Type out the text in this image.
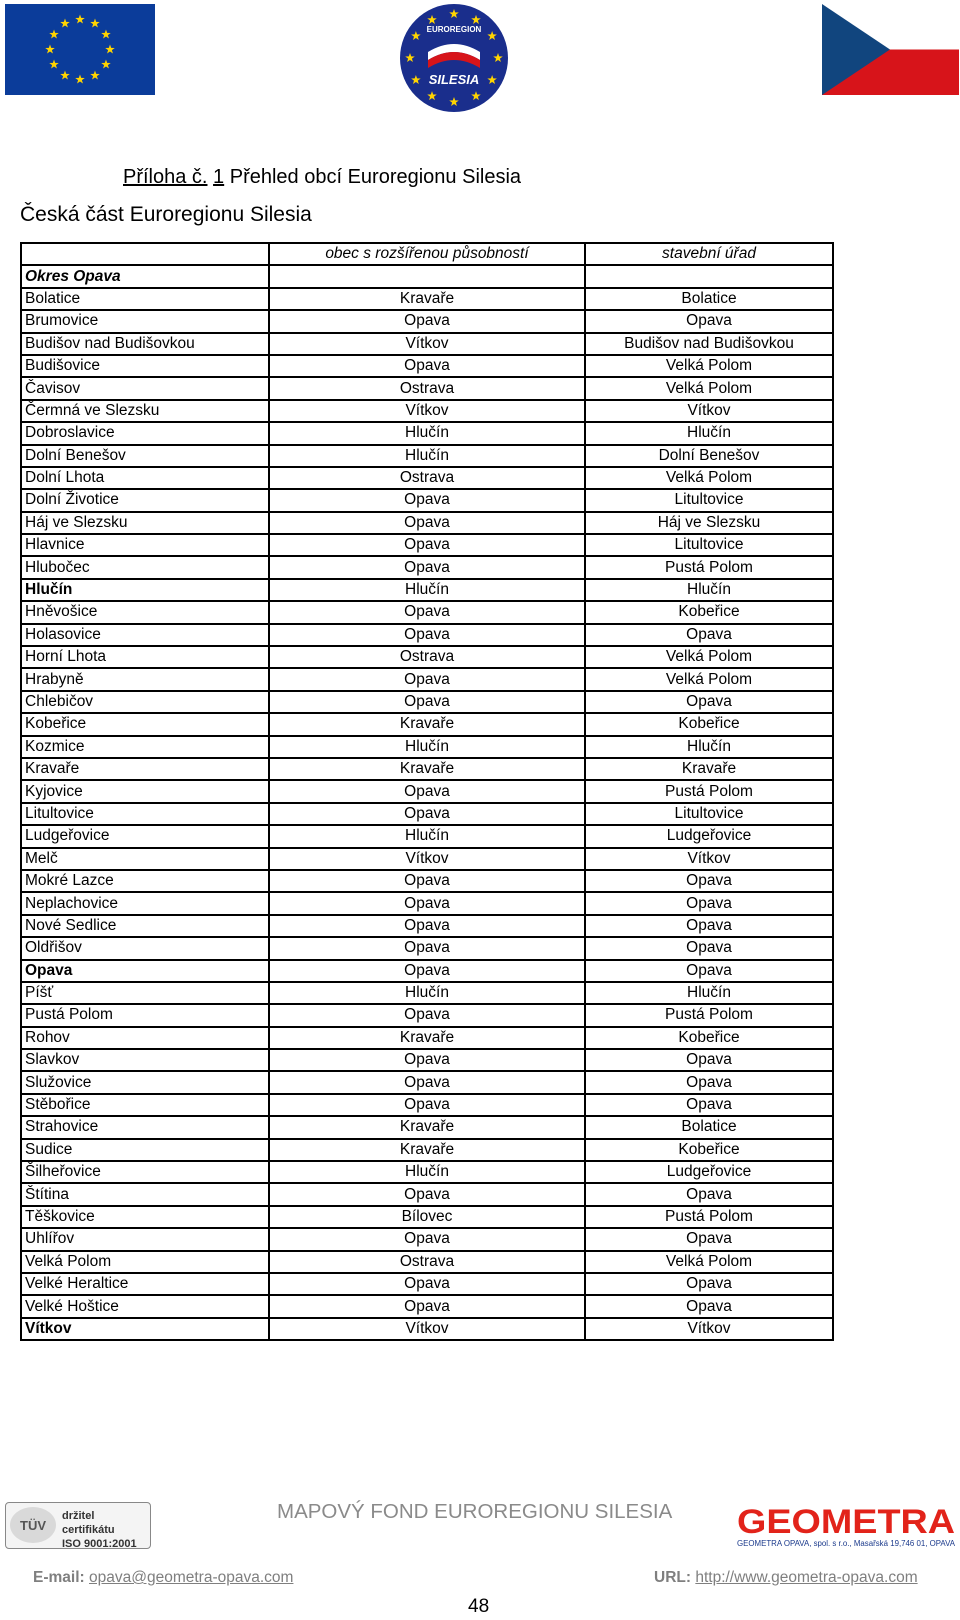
EUROREGION
SILESIA
Příloha č. 1 Přehled obcí Euroregionu Silesia
Česká část Euroregionu Silesia
	obec s rozšířenou působností	stavební úřad
Okres Opava		
Bolatice	Kravaře	Bolatice
Brumovice	Opava	Opava
Budišov nad Budišovkou	Vítkov	Budišov nad Budišovkou
Budišovice	Opava	Velká Polom
Čavisov	Ostrava	Velká Polom
Čermná ve Slezsku	Vítkov	Vítkov
Dobroslavice	Hlučín	Hlučín
Dolní Benešov	Hlučín	Dolní Benešov
Dolní Lhota	Ostrava	Velká Polom
Dolní Životice	Opava	Litultovice
Háj ve Slezsku	Opava	Háj ve Slezsku
Hlavnice	Opava	Litultovice
Hlubočec	Opava	Pustá Polom
Hlučín	Hlučín	Hlučín
Hněvošice	Opava	Kobeřice
Holasovice	Opava	Opava
Horní Lhota	Ostrava	Velká Polom
Hrabyně	Opava	Velká Polom
Chlebičov	Opava	Opava
Kobeřice	Kravaře	Kobeřice
Kozmice	Hlučín	Hlučín
Kravaře	Kravaře	Kravaře
Kyjovice	Opava	Pustá Polom
Litultovice	Opava	Litultovice
Ludgeřovice	Hlučín	Ludgeřovice
Melč	Vítkov	Vítkov
Mokré Lazce	Opava	Opava
Neplachovice	Opava	Opava
Nové Sedlice	Opava	Opava
Oldřišov	Opava	Opava
Opava	Opava	Opava
Píšť	Hlučín	Hlučín
Pustá Polom	Opava	Pustá Polom
Rohov	Kravaře	Kobeřice
Slavkov	Opava	Opava
Služovice	Opava	Opava
Stěbořice	Opava	Opava
Strahovice	Kravaře	Bolatice
Sudice	Kravaře	Kobeřice
Šilheřovice	Hlučín	Ludgeřovice
Štítina	Opava	Opava
Těškovice	Bílovec	Pustá Polom
Uhlířov	Opava	Opava
Velká Polom	Ostrava	Velká Polom
Velké Heraltice	Opava	Opava
Velké Hoštice	Opava	Opava
Vítkov	Vítkov	Vítkov
TÜV
držitel certifikátu
ISO 9001:2001
MAPOVÝ FOND EUROREGIONU SILESIA GEOMETRA
GEOMETRA OPAVA, spol. s r.o., Masařská 19,746 01, OPAVA
E-mail: opava@geometra-opava.com	URL: http://www.geometra-opava.com
48
